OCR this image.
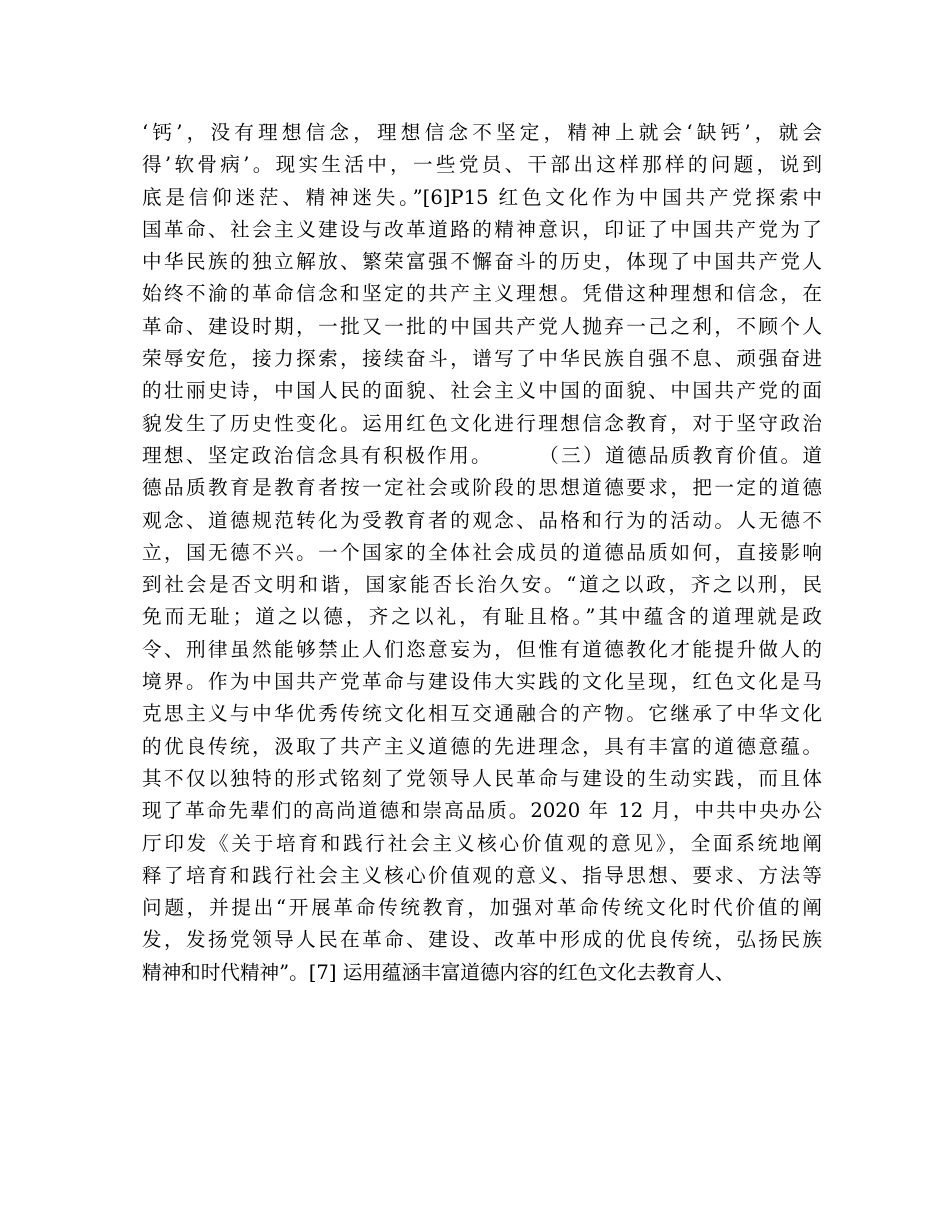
‘钙’，没有理想信念，理想信念不坚定，精神上就会‘缺钙’，就会
得’软骨病’。现实生活中，一些党员、干部出这样那样的问题，说到
底是信仰迷茫、精神迷失。”[6]P15 红色文化作为中国共产党探索中
国革命、社会主义建设与改革道路的精神意识，印证了中国共产党为了
中华民族的独立解放、繁荣富强不懈奋斗的历史，体现了中国共产党人
始终不渝的革命信念和坚定的共产主义理想。凭借这种理想和信念，在
革命、建设时期，一批又一批的中国共产党人抛弃一己之利，不顾个人
荣辱安危，接力探索，接续奋斗，谱写了中华民族自强不息、顽强奋进
的壮丽史诗，中国人民的面貌、社会主义中国的面貌、中国共产党的面
貌发生了历史性变化。运用红色文化进行理想信念教育，对于坚守政治
理想、坚定政治信念具有积极作用。　　　（三）道德品质教育价值。道
德品质教育是教育者按一定社会或阶段的思想道德要求，把一定的道德
观念、道德规范转化为受教育者的观念、品格和行为的活动。人无德不
立，国无德不兴。一个国家的全体社会成员的道德品质如何，直接影响
到社会是否文明和谐，国家能否长治久安。“道之以政，齐之以刑，民
免而无耻；道之以德，齐之以礼，有耻且格。”其中蕴含的道理就是政
令、刑律虽然能够禁止人们恣意妄为，但惟有道德教化才能提升做人的
境界。作为中国共产党革命与建设伟大实践的文化呈现，红色文化是马
克思主义与中华优秀传统文化相互交通融合的产物。它继承了中华文化
的优良传统，汲取了共产主义道德的先进理念，具有丰富的道德意蕴。
其不仅以独特的形式铭刻了党领导人民革命与建设的生动实践，而且体
现了革命先辈们的高尚道德和崇高品质。2020 年 12 月，中共中央办公
厅印发《关于培育和践行社会主义核心价值观的意见》，全面系统地阐
释了培育和践行社会主义核心价值观的意义、指导思想、要求、方法等
问题，并提出“开展革命传统教育，加强对革命传统文化时代价值的阐
发，发扬党领导人民在革命、建设、改革中形成的优良传统，弘扬民族
精神和时代精神”。[7] 运用蕴涵丰富道德内容的红色文化去教育人、
